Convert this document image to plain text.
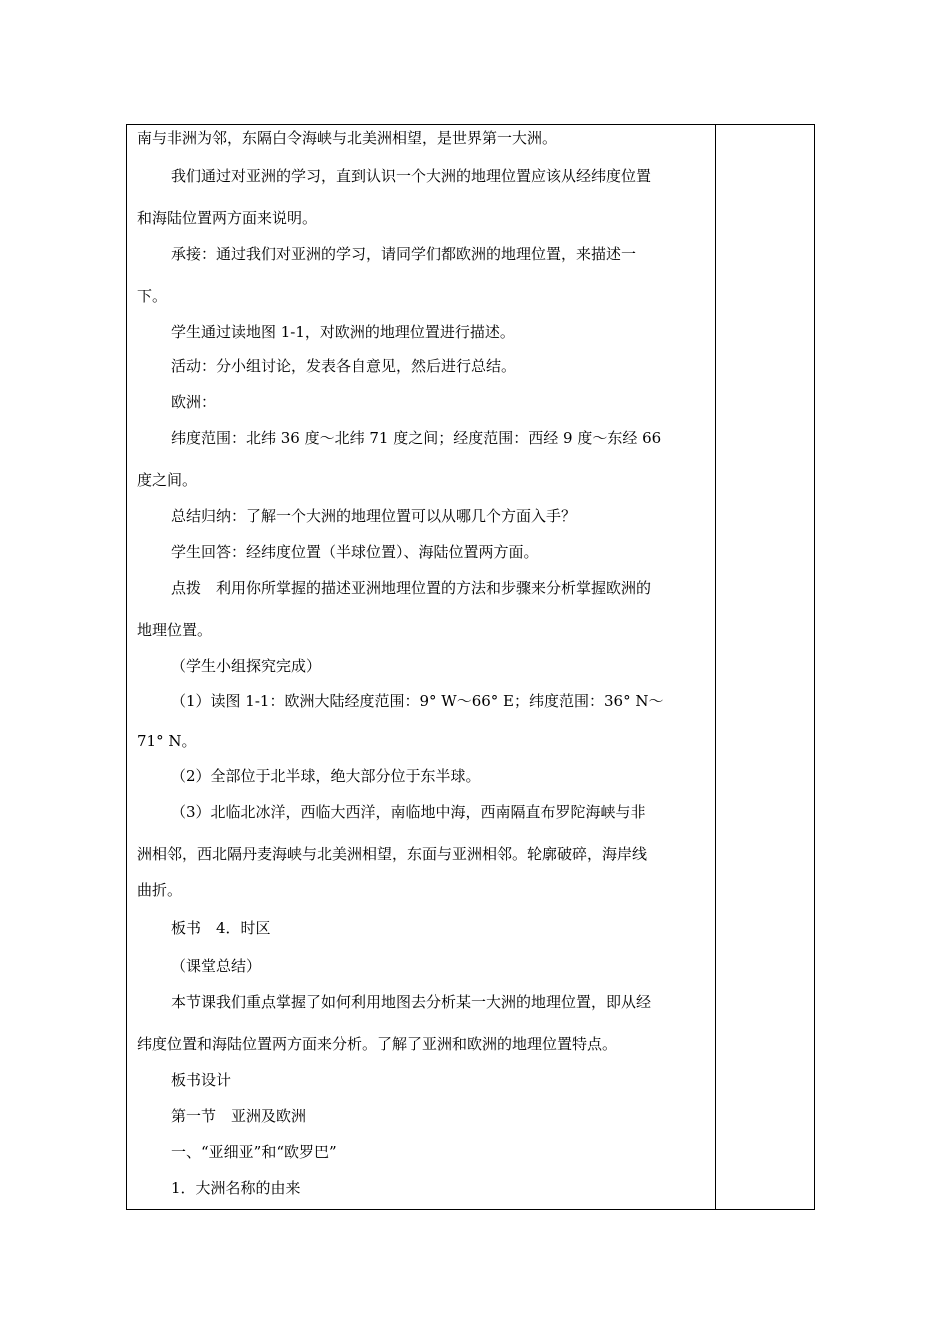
南与非洲为邻，东隔白令海峡与北美洲相望，是世界第一大洲。
我们通过对亚洲的学习，直到认识一个大洲的地理位置应该从经纬度位置
和海陆位置两方面来说明。
承接：通过我们对亚洲的学习，请同学们都欧洲的地理位置，来描述一
下。
学生通过读地图 1-1，对欧洲的地理位置进行描述。
活动：分小组讨论，发表各自意见，然后进行总结。
欧洲：
纬度范围：北纬 36 度～北纬 71 度之间；经度范围：西经 9 度～东经 66
度之间。
总结归纳：了解一个大洲的地理位置可以从哪几个方面入手？
学生回答：经纬度位置（半球位置）、海陆位置两方面。
点拨　利用你所掌握的描述亚洲地理位置的方法和步骤来分析掌握欧洲的
地理位置。
（学生小组探究完成）
（1）读图 1-1：欧洲大陆经度范围：9° W～66° E；纬度范围：36° N～
71° N。
（2）全部位于北半球，绝大部分位于东半球。
（3）北临北冰洋，西临大西洋，南临地中海，西南隔直布罗陀海峡与非
洲相邻，西北隔丹麦海峡与北美洲相望，东面与亚洲相邻。轮廓破碎，海岸线
曲折。
板书　4．时区
（课堂总结）
本节课我们重点掌握了如何利用地图去分析某一大洲的地理位置，即从经
纬度位置和海陆位置两方面来分析。了解了亚洲和欧洲的地理位置特点。
板书设计
第一节　亚洲及欧洲
一、“亚细亚”和“欧罗巴”
1．大洲名称的由来
